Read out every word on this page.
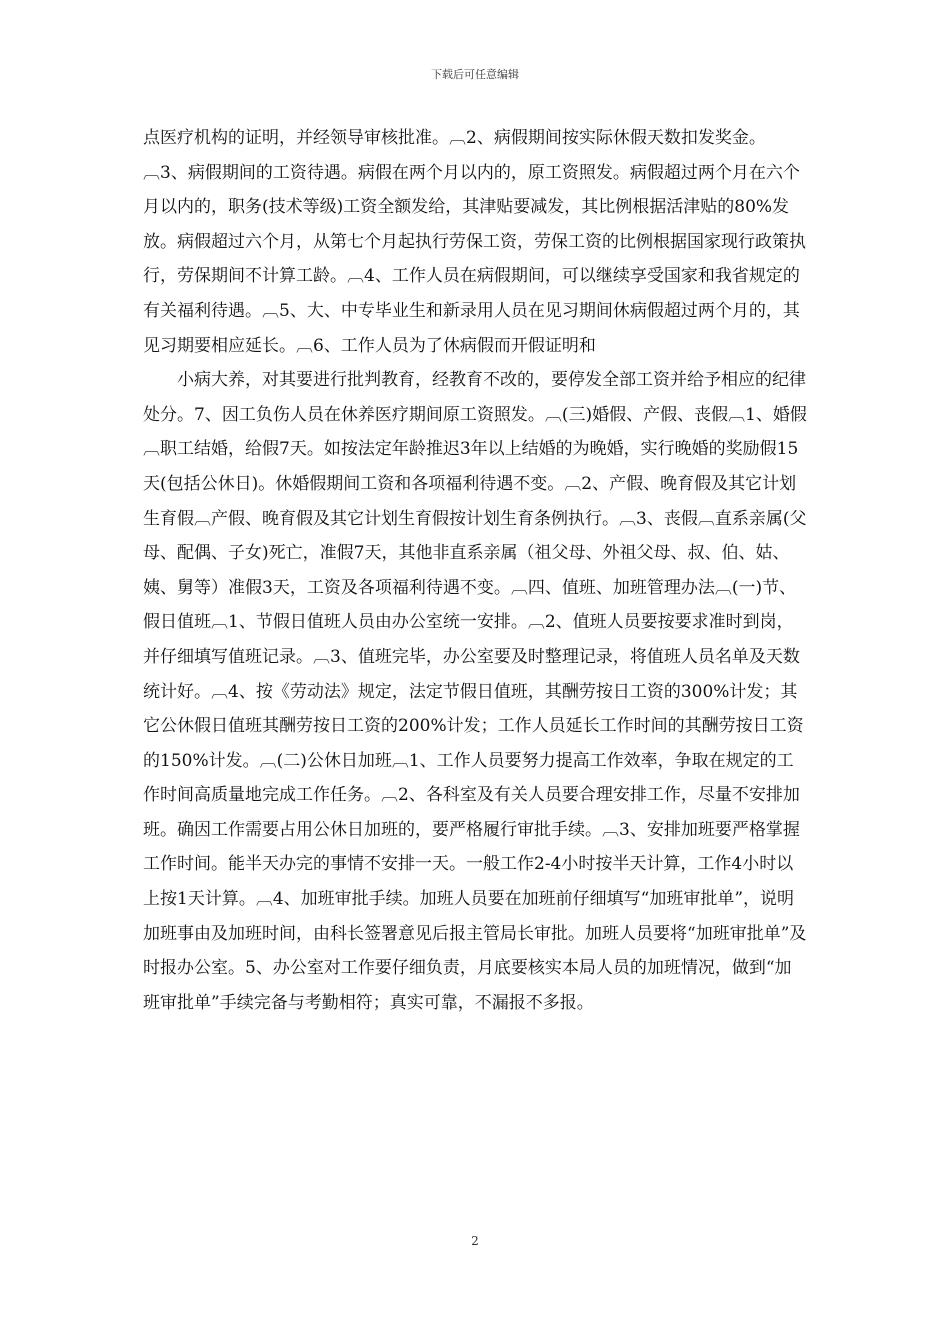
下载后可任意编辑

点医疗机构的证明，并经领导审核批准。︹2、病假期间按实际休假天数扣发奖金。︹3、病假期间的工资待遇。病假在两个月以内的，原工资照发。病假超过两个月在六个月以内的，职务(技术等级)工资全额发给，其津贴要减发，其比例根据活津贴的80%发放。病假超过六个月，从第七个月起执行劳保工资，劳保工资的比例根据国家现行政策执行，劳保期间不计算工龄。︹4、工作人员在病假期间，可以继续享受国家和我省规定的有关福利待遇。︹5、大、中专毕业生和新录用人员在见习期间休病假超过两个月的，其见习期要相应延长。︹6、工作人员为了休病假而开假证明和

小病大养，对其要进行批判教育，经教育不改的，要停发全部工资并给予相应的纪律处分。7、因工负伤人员在休养医疗期间原工资照发。︹(三)婚假、产假、丧假︹1、婚假︹职工结婚，给假7天。如按法定年龄推迟3年以上结婚的为晚婚，实行晚婚的奖励假15天(包括公休日)。休婚假期间工资和各项福利待遇不变。︹2、产假、晚育假及其它计划生育假︹产假、晚育假及其它计划生育假按计划生育条例执行。︹3、丧假︹直系亲属(父母、配偶、子女)死亡，准假7天，其他非直系亲属（祖父母、外祖父母、叔、伯、姑、姨、舅等）准假3天，工资及各项福利待遇不变。︹四、值班、加班管理办法︹(一)节、假日值班︹1、节假日值班人员由办公室统一安排。︹2、值班人员要按要求准时到岗，并仔细填写值班记录。︹3、值班完毕，办公室要及时整理记录，将值班人员名单及天数统计好。︹4、按《劳动法》规定，法定节假日值班，其酬劳按日工资的300%计发；其它公休假日值班其酬劳按日工资的200%计发；工作人员延长工作时间的其酬劳按日工资的150%计发。︹(二)公休日加班︹1、工作人员要努力提高工作效率，争取在规定的工作时间高质量地完成工作任务。︹2、各科室及有关人员要合理安排工作，尽量不安排加班。确因工作需要占用公休日加班的，要严格履行审批手续。︹3、安排加班要严格掌握工作时间。能半天办完的事情不安排一天。一般工作2-4小时按半天计算，工作4小时以上按1天计算。︹4、加班审批手续。加班人员要在加班前仔细填写“加班审批单”，说明加班事由及加班时间，由科长签署意见后报主管局长审批。加班人员要将“加班审批单”及时报办公室。5、办公室对工作要仔细负责，月底要核实本局人员的加班情况，做到“加班审批单”手续完备与考勤相符；真实可靠，不漏报不多报。

2
